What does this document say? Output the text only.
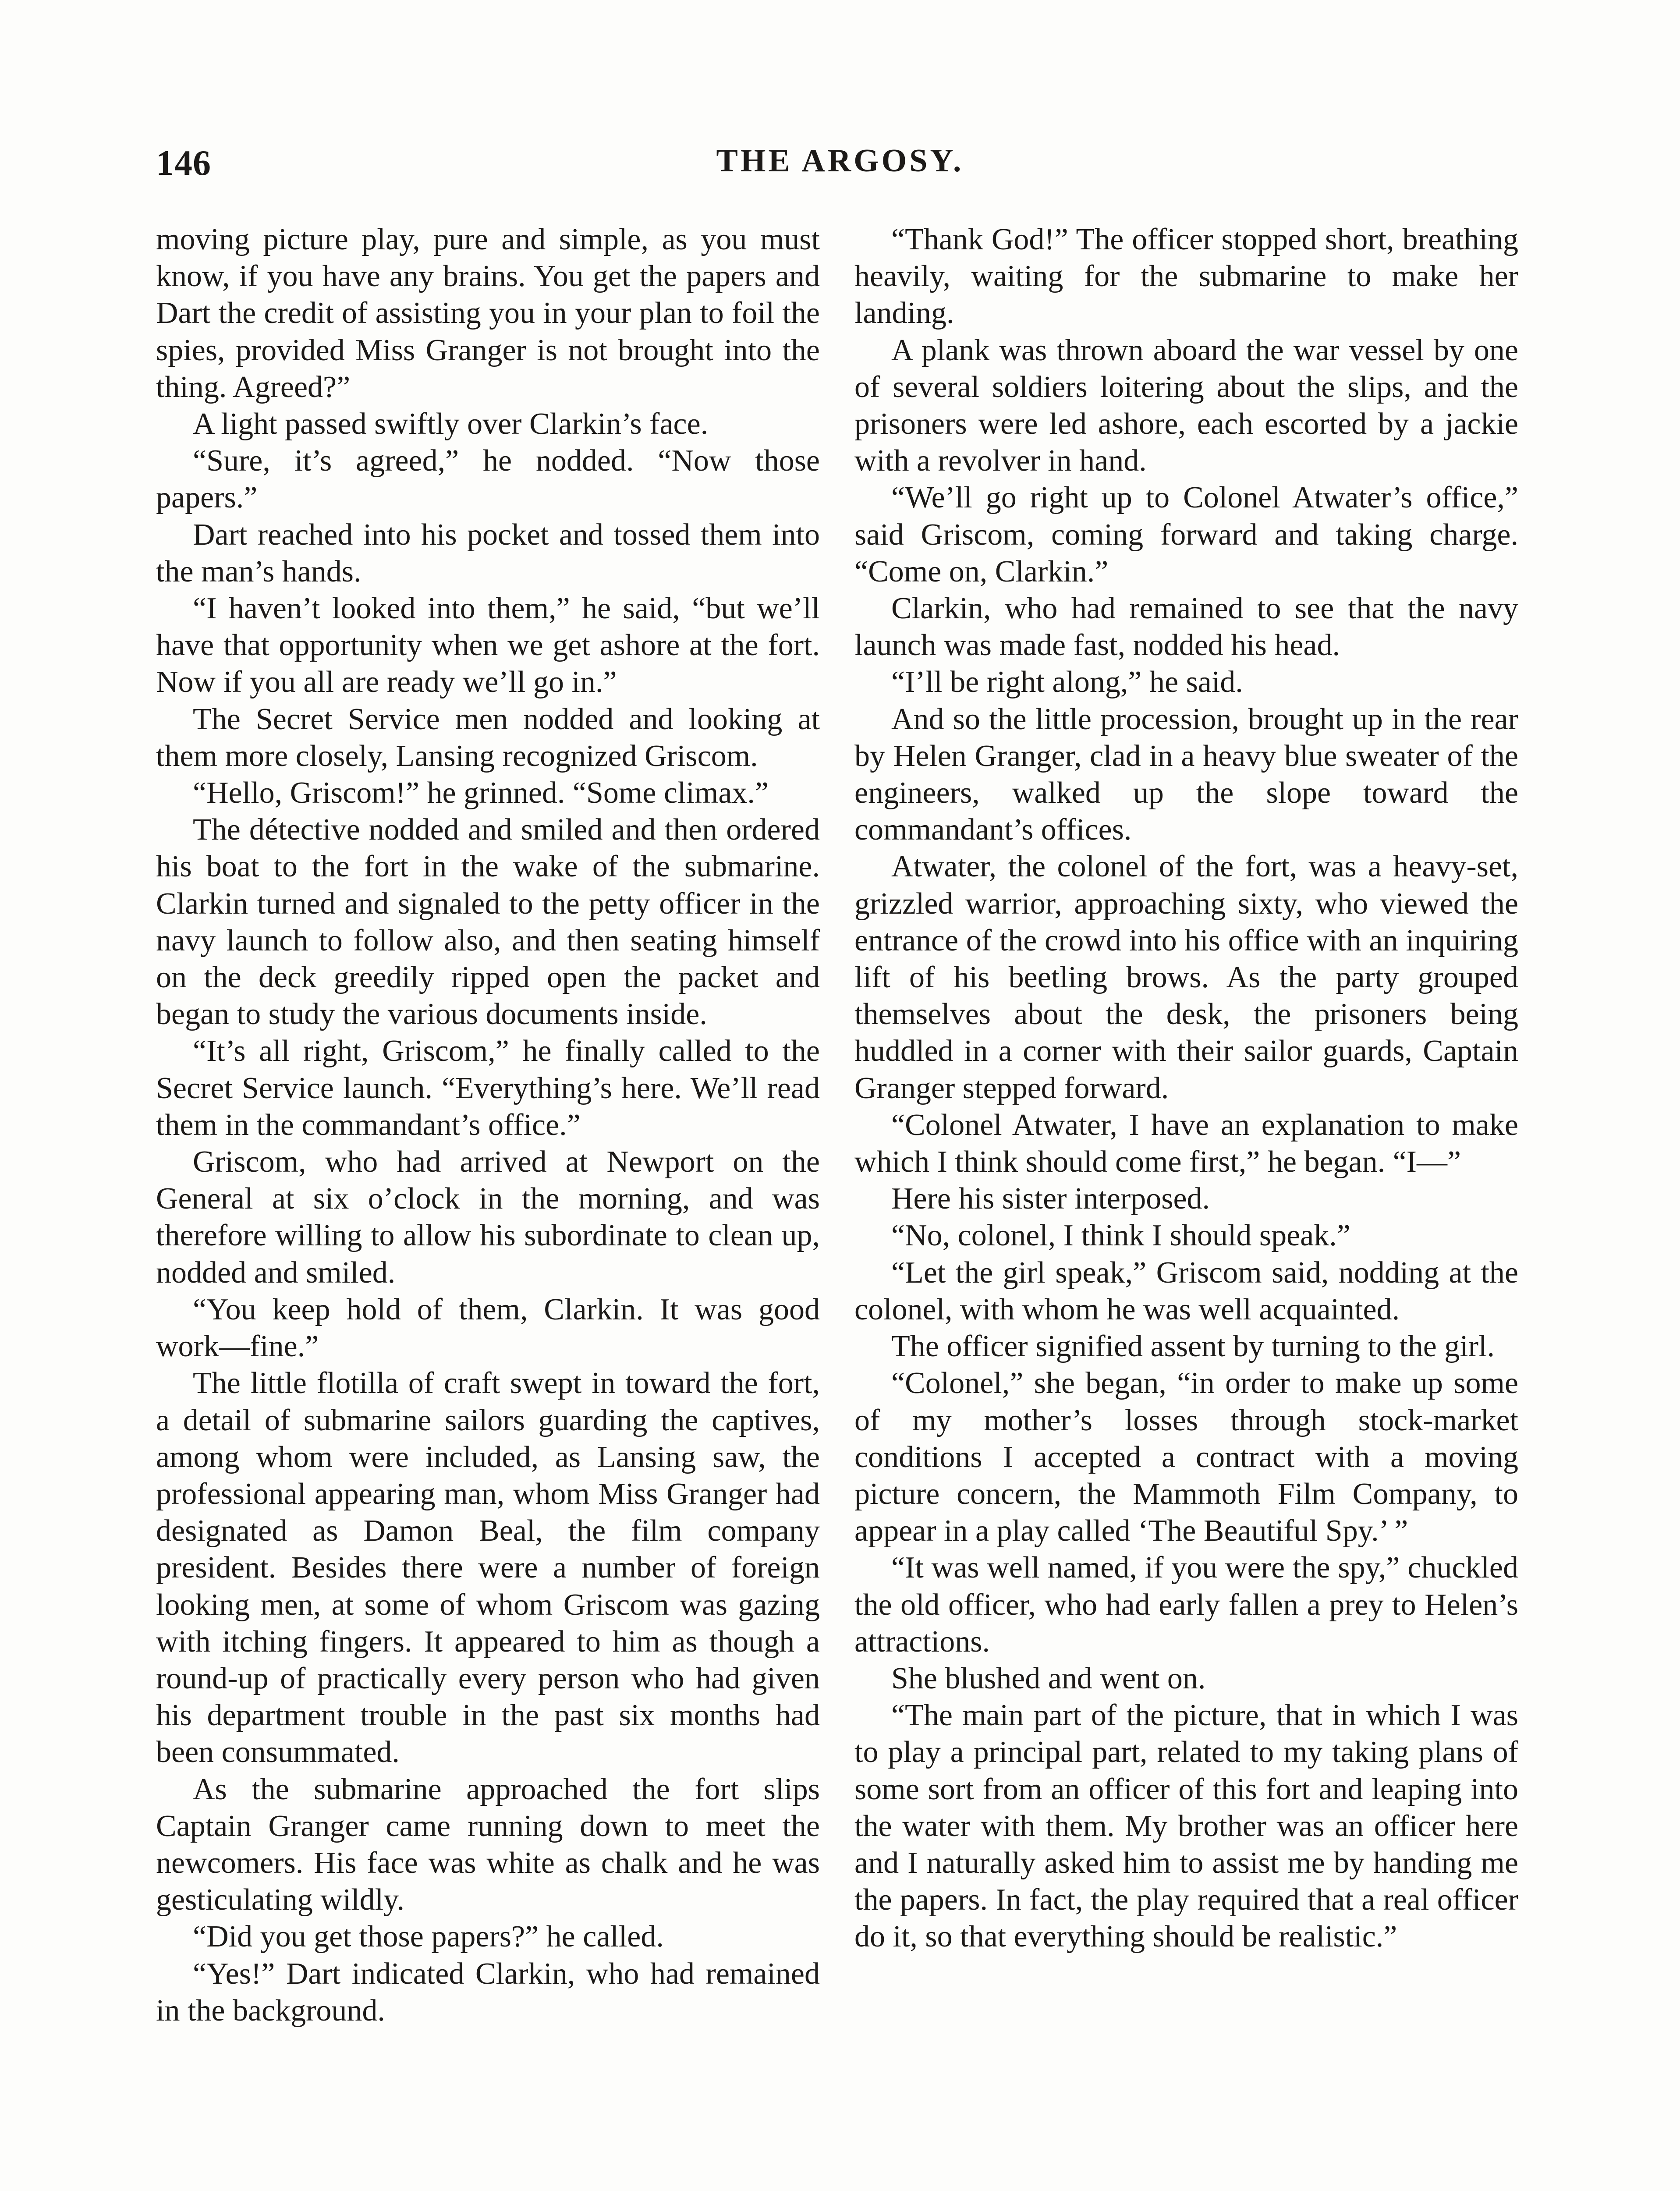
146	THE ARGOSY.

moving picture play, pure and simple, as you must know, if you have any brains. You get the papers and Dart the credit of assisting you in your plan to foil the spies, provided Miss Granger is not brought into the thing. Agreed?”

A light passed swiftly over Clarkin’s face.

“Sure, it’s agreed,” he nodded. “Now those papers.”

Dart reached into his pocket and tossed them into the man’s hands.

“I haven’t looked into them,” he said, “but we’ll have that opportunity when we get ashore at the fort. Now if you all are ready we’ll go in.”

The Secret Service men nodded and looking at them more closely, Lansing recognized Griscom.

“Hello, Griscom!” he grinned. “Some climax.”

The détective nodded and smiled and then ordered his boat to the fort in the wake of the submarine. Clarkin turned and signaled to the petty officer in the navy launch to follow also, and then seating himself on the deck greedily ripped open the packet and began to study the various documents inside.

“It’s all right, Griscom,” he finally called to the Secret Service launch. “Everything’s here. We’ll read them in the commandant’s office.”

Griscom, who had arrived at Newport on the General at six o’clock in the morning, and was therefore willing to allow his subordinate to clean up, nodded and smiled.

“You keep hold of them, Clarkin. It was good work—fine.”

The little flotilla of craft swept in toward the fort, a detail of submarine sailors guarding the captives, among whom were included, as Lansing saw, the professional appearing man, whom Miss Granger had designated as Damon Beal, the film company president. Besides there were a number of foreign looking men, at some of whom Griscom was gazing with itching fingers. It appeared to him as though a round-up of practically every person who had given his department trouble in the past six months had been consummated.

As the submarine approached the fort slips Captain Granger came running down to meet the newcomers. His face was white as chalk and he was gesticulating wildly.

“Did you get those papers?” he called.

“Yes!” Dart indicated Clarkin, who had remained in the background.

“Thank God!” The officer stopped short, breathing heavily, waiting for the submarine to make her landing.

A plank was thrown aboard the war vessel by one of several soldiers loitering about the slips, and the prisoners were led ashore, each escorted by a jackie with a revolver in hand.

“We’ll go right up to Colonel Atwater’s office,” said Griscom, coming forward and taking charge. “Come on, Clarkin.”

Clarkin, who had remained to see that the navy launch was made fast, nodded his head.

“I’ll be right along,” he said.

And so the little procession, brought up in the rear by Helen Granger, clad in a heavy blue sweater of the engineers, walked up the slope toward the commandant’s offices.

Atwater, the colonel of the fort, was a heavy-set, grizzled warrior, approaching sixty, who viewed the entrance of the crowd into his office with an inquiring lift of his beetling brows. As the party grouped themselves about the desk, the prisoners being huddled in a corner with their sailor guards, Captain Granger stepped forward.

“Colonel Atwater, I have an explanation to make which I think should come first,” he began. “I—”

Here his sister interposed.

“No, colonel, I think I should speak.”

“Let the girl speak,” Griscom said, nodding at the colonel, with whom he was well acquainted.

The officer signified assent by turning to the girl.

“Colonel,” she began, “in order to make up some of my mother’s losses through stock-market conditions I accepted a contract with a moving picture concern, the Mammoth Film Company, to appear in a play called ‘The Beautiful Spy.’ ”

“It was well named, if you were the spy,” chuckled the old officer, who had early fallen a prey to Helen’s attractions.

She blushed and went on.

“The main part of the picture, that in which I was to play a principal part, related to my taking plans of some sort from an officer of this fort and leaping into the water with them. My brother was an officer here and I naturally asked him to assist me by handing me the papers. In fact, the play required that a real officer do it, so that everything should be realistic.”
